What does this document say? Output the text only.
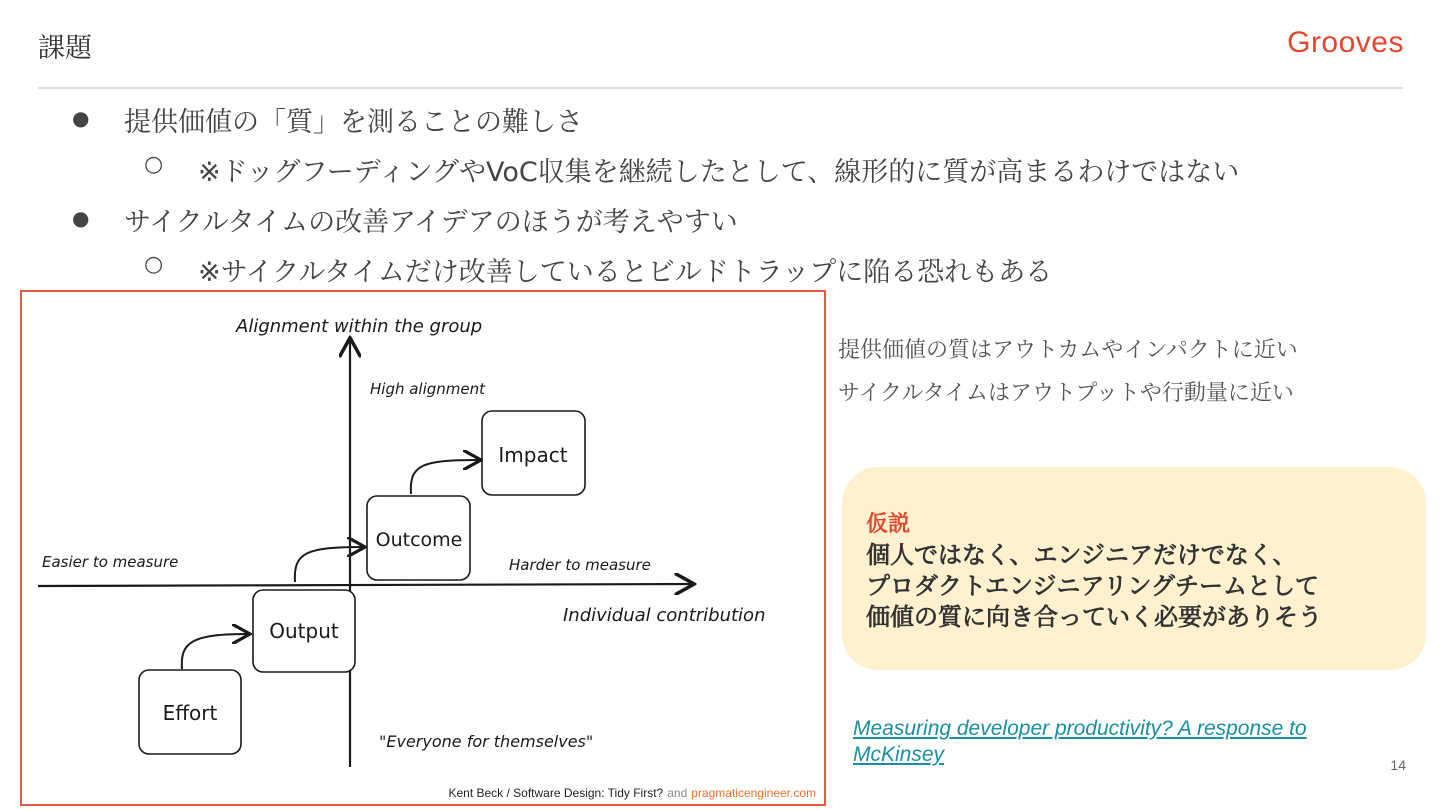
課題	Grooves
● 提供価値の「質」を測ることの難しさ
○ ※ドッグフーディングやVoC収集を継続したとして、線形的に質が高まるわけではない
● サイクルタイムの改善アイデアのほうが考えやすい
○ ※サイクルタイムだけ改善しているとビルドトラップに陥る恐れもある
Alignment within the group
High alignment
Easier to measure	Harder to measure
Individual contribution
"Everyone for themselves"
Effort
Output
Outcome
Impact
Kent Beck / Software Design: Tidy First? and pragmaticengineer.com
提供価値の質はアウトカムやインパクトに近い
サイクルタイムはアウトプットや行動量に近い
仮説
個人ではなく、エンジニアだけでなく、
プロダクトエンジニアリングチームとして
価値の質に向き合っていく必要がありそう
Measuring developer productivity? A response to McKinsey	14
